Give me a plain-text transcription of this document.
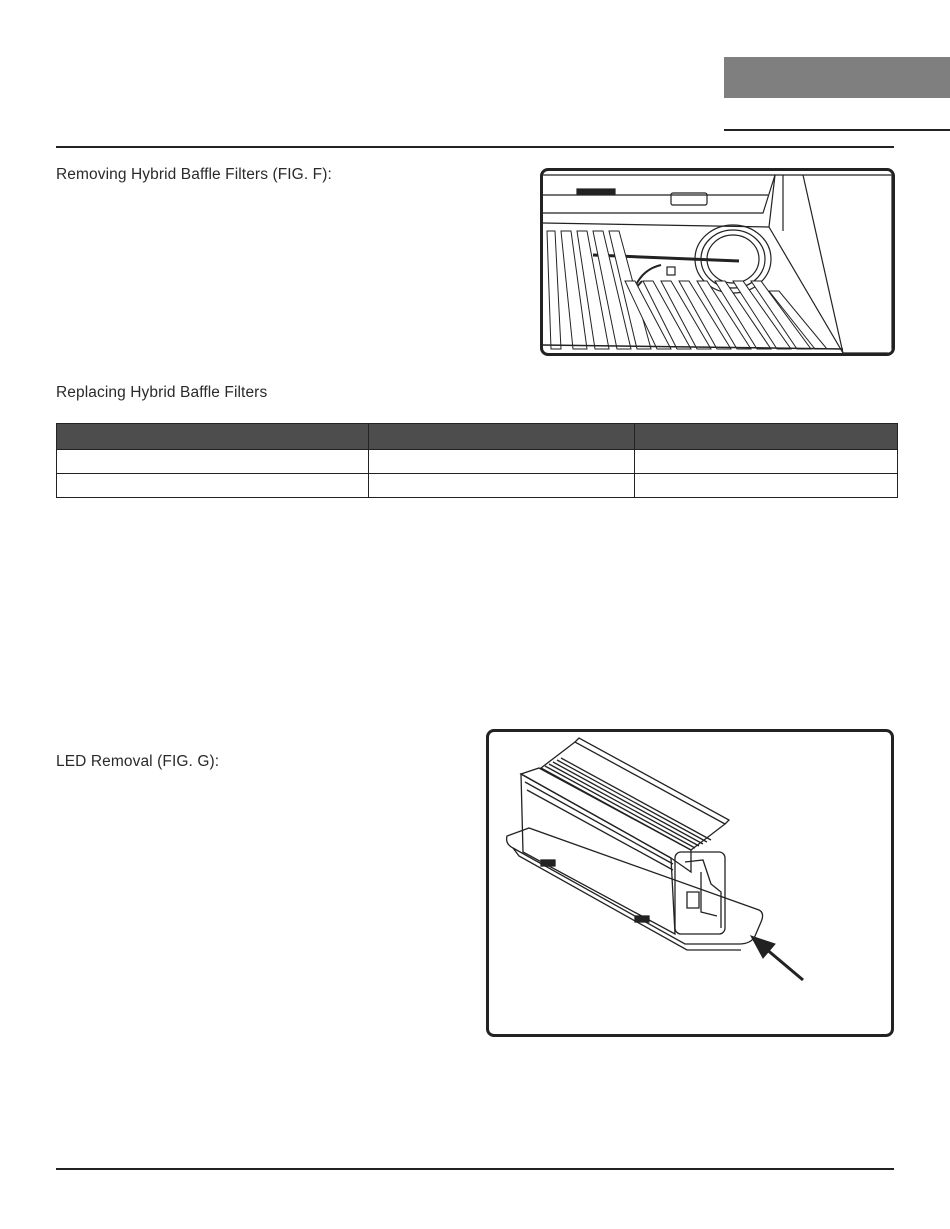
Removing Hybrid Baffle Filters (FIG. F):
Replacing Hybrid Baffle Filters

LED Removal (FIG. G):
